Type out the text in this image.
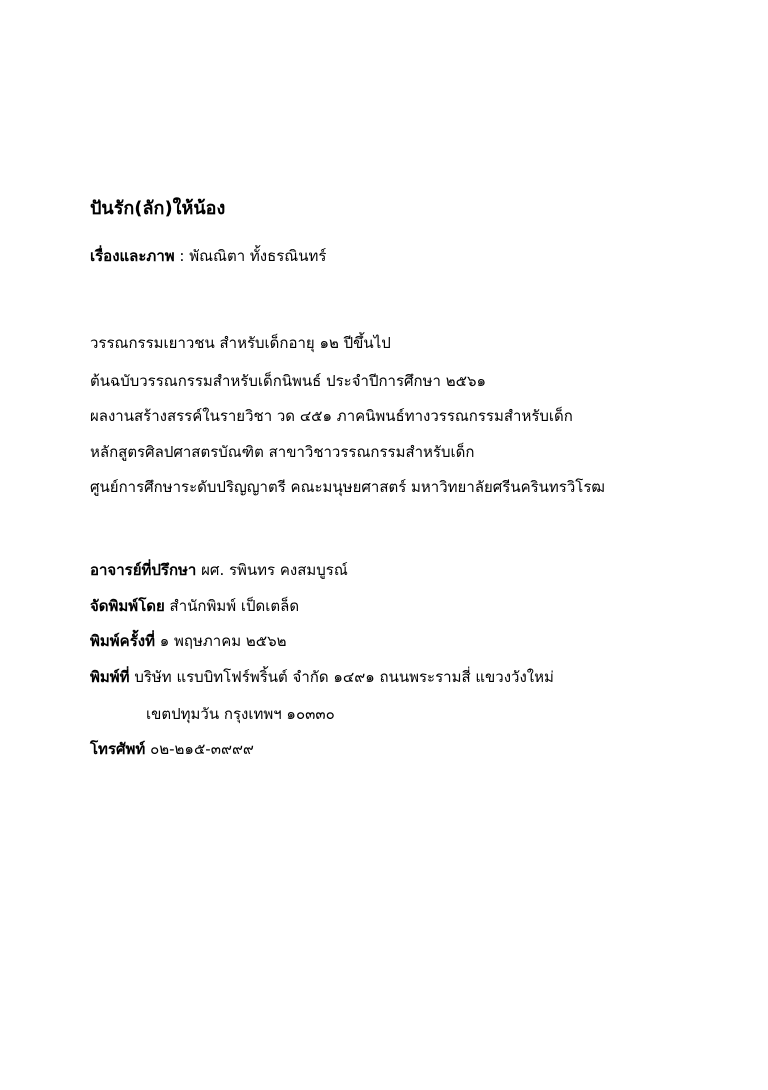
ปันรัก(ลัก)ให้น้อง
เรื่องและภาพ : พัณณิตา ทั้งธรณินทร์
วรรณกรรมเยาวชน สำหรับเด็กอายุ ๑๒ ปีขึ้นไป
ต้นฉบับวรรณกรรมสำหรับเด็กนิพนธ์ ประจำปีการศึกษา ๒๕๖๑
ผลงานสร้างสรรค์ในรายวิชา วด ๔๕๑ ภาคนิพนธ์ทางวรรณกรรมสำหรับเด็ก
หลักสูตรศิลปศาสตรบัณฑิต สาขาวิชาวรรณกรรมสำหรับเด็ก
ศูนย์การศึกษาระดับปริญญาตรี คณะมนุษยศาสตร์ มหาวิทยาลัยศรีนครินทรวิโรฒ
อาจารย์ที่ปรึกษา ผศ. รพินทร คงสมบูรณ์
จัดพิมพ์โดย สำนักพิมพ์ เป็ดเตล็ด
พิมพ์ครั้งที่ ๑ พฤษภาคม ๒๕๖๒
พิมพ์ที่ บริษัท แรบบิทโฟร์พริ้นต์ จำกัด ๑๔๙๑ ถนนพระรามสี่ แขวงวังใหม่
เขตปทุมวัน กรุงเทพฯ ๑๐๓๓๐
โทรศัพท์ ๐๒-๒๑๕-๓๙๙๙
